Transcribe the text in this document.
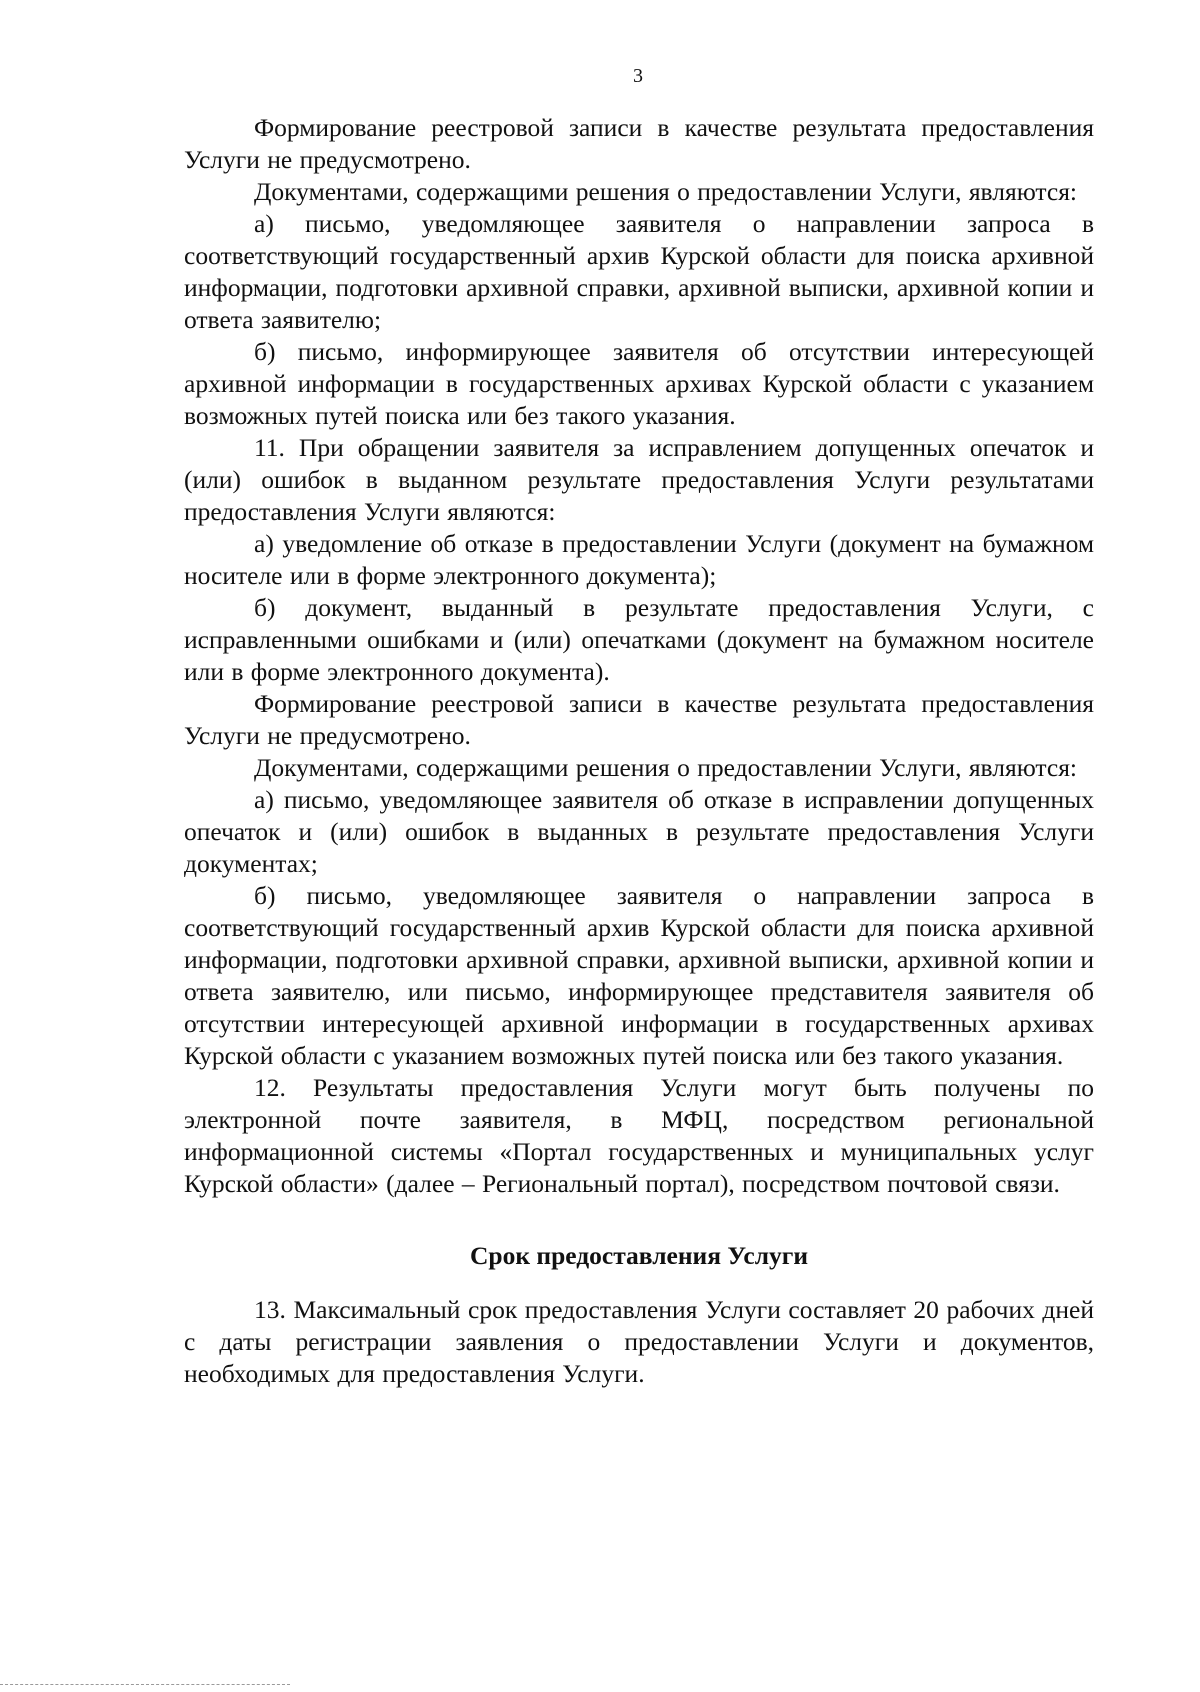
3

Формирование реестровой записи в качестве результата предоставления Услуги не предусмотрено.

Документами, содержащими решения о предоставлении Услуги, являются:

а) письмо, уведомляющее заявителя о направлении запроса в соответствующий государственный архив Курской области для поиска архивной информации, подготовки архивной справки, архивной выписки, архивной копии и ответа заявителю;

б) письмо, информирующее заявителя об отсутствии интересующей архивной информации в государственных архивах Курской области с указанием возможных путей поиска или без такого указания.

11. При обращении заявителя за исправлением допущенных опечаток и (или) ошибок в выданном результате предоставления Услуги результатами предоставления Услуги являются:

а) уведомление об отказе в предоставлении Услуги (документ на бумажном носителе или в форме электронного документа);

б) документ, выданный в результате предоставления Услуги, с исправленными ошибками и (или) опечатками (документ на бумажном носителе или в форме электронного документа).

Формирование реестровой записи в качестве результата предоставления Услуги не предусмотрено.

Документами, содержащими решения о предоставлении Услуги, являются:

а) письмо, уведомляющее заявителя об отказе в исправлении допущенных опечаток и (или) ошибок в выданных в результате предоставления Услуги документах;

б) письмо, уведомляющее заявителя о направлении запроса в соответствующий государственный архив Курской области для поиска архивной информации, подготовки архивной справки, архивной выписки, архивной копии и ответа заявителю, или письмо, информирующее представителя заявителя об отсутствии интересующей архивной информации в государственных архивах Курской области с указанием возможных путей поиска или без такого указания.

12. Результаты предоставления Услуги могут быть получены по электронной почте заявителя, в МФЦ, посредством региональной информационной системы «Портал государственных и муниципальных услуг Курской области» (далее – Региональный портал), посредством почтовой связи.

Срок предоставления Услуги

13. Максимальный срок предоставления Услуги составляет 20 рабочих дней с даты регистрации заявления о предоставлении Услуги и документов, необходимых для предоставления Услуги.
